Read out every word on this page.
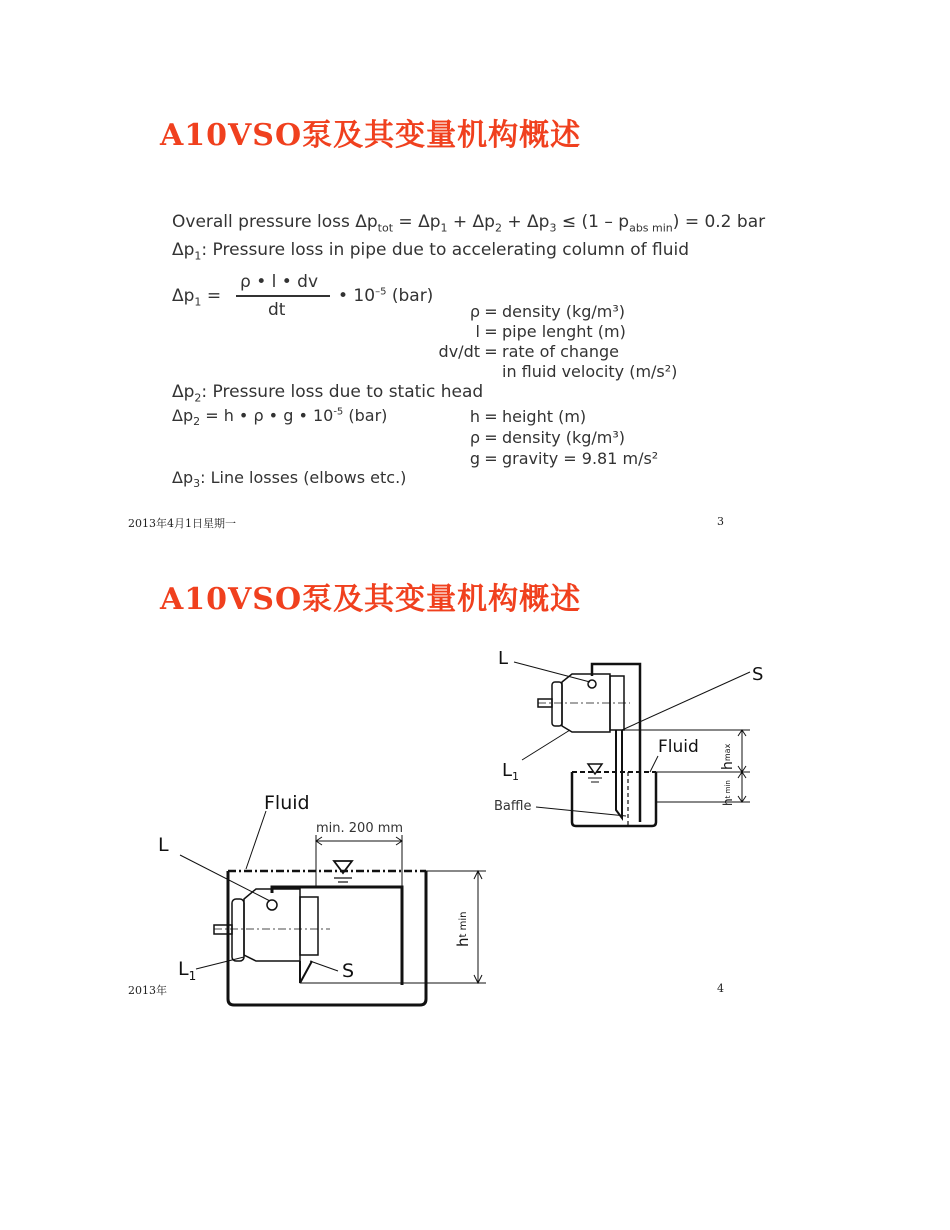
A10VSO泵及其变量机构概述
Overall pressure loss $\Delta p_{tot} = \Delta p_1 + \Delta p_2 + \Delta p_3 \le (1 - p_{abs min}) = 0.2$ bar
$\Delta p_1$: Pressure loss in pipe due to accelerating column of fluid
$\Delta p_1$ =
ρ • l • dv
dt
• $10^{-5}$ (bar)
ρ = density (kg/m³)
l = pipe lenght (m)
dv/dt = rate of change
in fluid velocity (m/s²)
$\Delta p_2$: Pressure loss due to static head
$\Delta p_2 = h$ • ρ • g • $10^{-5}$ (bar)	h = height (m)
ρ = density (kg/m³)
g = gravity = 9.81 m/s²
$\Delta p_3$: Line losses (elbows etc.)
2013年4月1日星期一	3
A10VSO泵及其变量机构概述
2013年	4
L
S
$L_1$
Fluid
Baffle
hmax
ht min
Fluid
min. 200 mm
L
$L_1$	S
ht min
